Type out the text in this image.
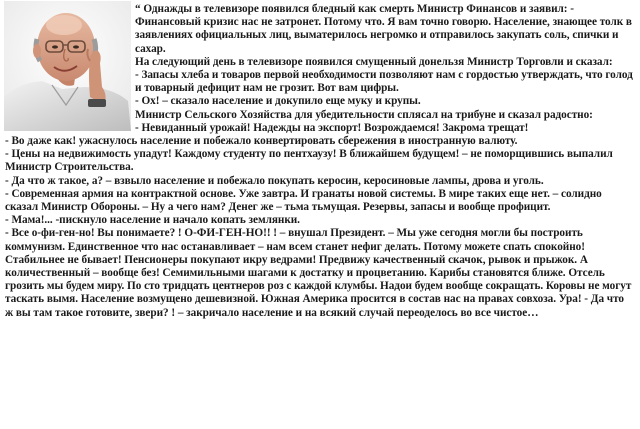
“ Однажды в телевизоре появился бледный как смерть Министр Финансов и заявил: - Финансовый кризис нас не затронет. Потому что. Я вам точно говорю. Население, знающее толк в заявлениях официальных лиц, выматерилось негромко и отправилось закупать соль, спички и сахар.

На следующий день в телевизоре появился смущенный донельзя Министр Торговли и сказал:

- Запасы хлеба и товаров первой необходимости позволяют нам с гордостью утверждать, что голод и товарный дефицит нам не грозит. Вот вам цифры.

- Ох! – сказало население и докупило еще муку и крупы.

Министр Сельского Хозяйства для убедительности сплясал на трибуне и сказал радостно:

- Невиданный урожай! Надежды на экспорт! Возрождаемся! Закрома трещат!

- Во даже как! ужаснулось население и побежало конвертировать сбережения в иностранную валюту.

- Цены на недвижимость упадут! Каждому студенту по пентхаузу! В ближайшем будущем! – не поморщившись выпалил Министр Строительства.

- Да что ж такое, а? – взвыло население и побежало покупать керосин, керосиновые лампы, дрова и уголь.

- Современная армия на контрактной основе. Уже завтра. И гранаты новой системы. В мире таких еще нет. – солидно сказал Министр Обороны. – Ну а чего нам? Денег же – тьма тьмущая. Резервы, запасы и вообще профицит.

- Мама!... -пискнуло население и начало копать землянки.

- Все о-фи-ген-но! Вы понимаете? ! О-ФИ-ГЕН-НО!! ! – внушал Президент. – Мы уже сегодня могли бы построить коммунизм. Единственное что нас останавливает – нам всем станет нефиг делать. Потому можете спать спокойно! Стабильнее не бывает! Пенсионеры покупают икру ведрами! Предвижу качественный скачок, рывок и прыжок. А количественный – вообще без! Семимильными шагами к достатку и процветанию. Карибы становятся ближе. Отсель грозить мы будем миру. По сто тридцать центнеров роз с каждой клумбы. Надои будем вообще сокращать. Коровы не могут таскать вымя. Население возмущено дешевизной. Южная Америка просится в состав нас на правах совхоза. Ура! - Да что ж вы там такое готовите, звери? ! – закричало население и на всякий случай переоделось во все чистое…
